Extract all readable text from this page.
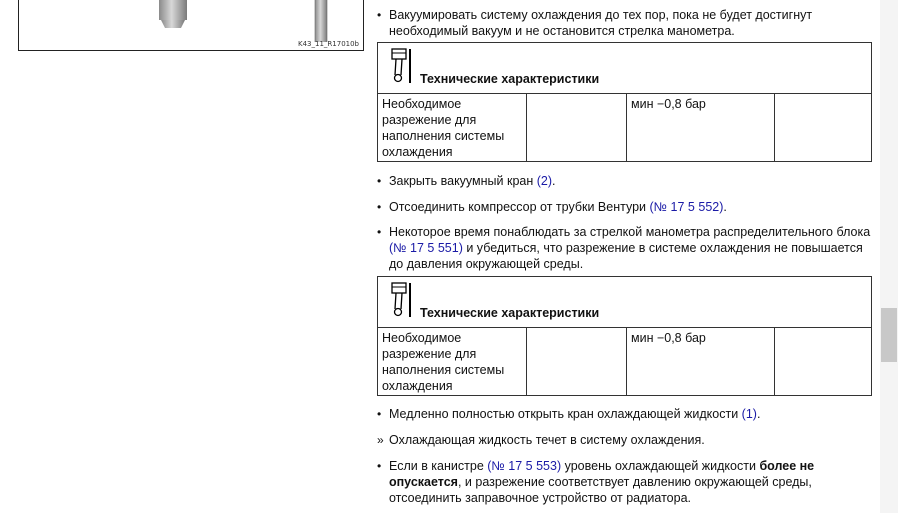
K43_11_R17010b
• Вакуумировать систему охлаждения до тех пор, пока не будет достигнут необходимый вакуум и не остановится стрелка манометра.
Технические характеристики
Необходимое разрежение для наполнения системы охлаждения
мин −0,8 бар
• Закрыть вакуумный кран (2).
• Отсоединить компрессор от трубки Вентури (№ 17 5 552).
• Некоторое время понаблюдать за стрелкой манометра распределительного блока (№ 17 5 551) и убедиться, что разрежение в системе охлаждения не повышается до давления окружающей среды.
Технические характеристики
Необходимое разрежение для наполнения системы охлаждения
мин −0,8 бар
• Медленно полностью открыть кран охлаждающей жидкости (1).
» Охлаждающая жидкость течет в систему охлаждения.
• Если в канистре (№ 17 5 553) уровень охлаждающей жидкости более не опускается, и разрежение соответствует давлению окружающей среды, отсоединить заправочное устройство от радиатора.
